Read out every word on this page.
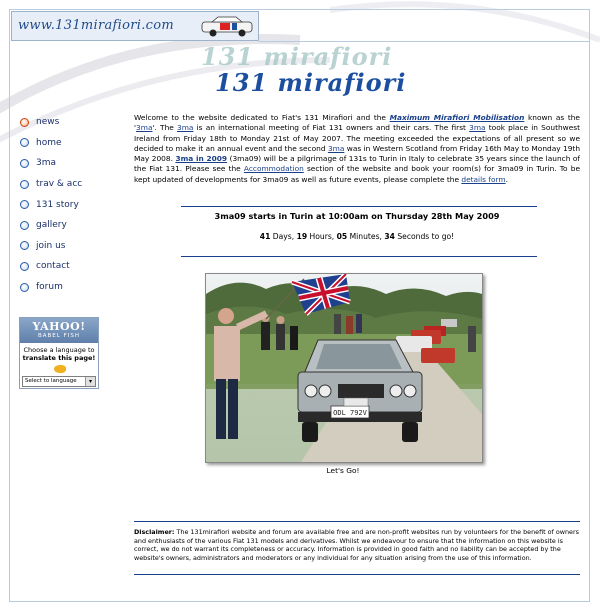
www.131mirafiori.com
131 mirafiori
131 mirafiori
news
home
3ma
trav & acc
131 story
gallery
join us
contact
forum
YAHOO!
BABEL FISH
Choose a language to
translate this page!
Select to language	▾
Welcome to the website dedicated to Fiat's 131 Mirafiori and the Maximum Mirafiori Mobilisation known as the '3ma'. The 3ma is an international meeting of Fiat 131 owners and their cars. The first 3ma took place in Southwest Ireland from Friday 18th to Monday 21st of May 2007. The meeting exceeded the expectations of all present so we decided to make it an annual event and the second 3ma was in Western Scotland from Friday 16th May to Monday 19th May 2008. 3ma in 2009 (3ma09) will be a pilgrimage of 131s to Turin in Italy to celebrate 35 years since the launch of the Fiat 131. Please see the Accommodation section of the website and book your room(s) for 3ma09 in Turin. To be kept updated of developments for 3ma09 as well as future events, please complete the details form.
3ma09 starts in Turin at 10:00am on Thursday 28th May 2009
41 Days, 19 Hours, 05 Minutes, 34 Seconds to go!
ODL 792V
Let's Go!
Disclaimer: The 131mirafiori website and forum are available free and are non-profit websites run by volunteers for the benefit of owners and enthusiasts of the various Fiat 131 models and derivatives. Whilst we endeavour to ensure that the information on this website is correct, we do not warrant its completeness or accuracy. Information is provided in good faith and no liability can be accepted by the website's owners, administrators and moderators or any individual for any situation arising from the use of this information.
